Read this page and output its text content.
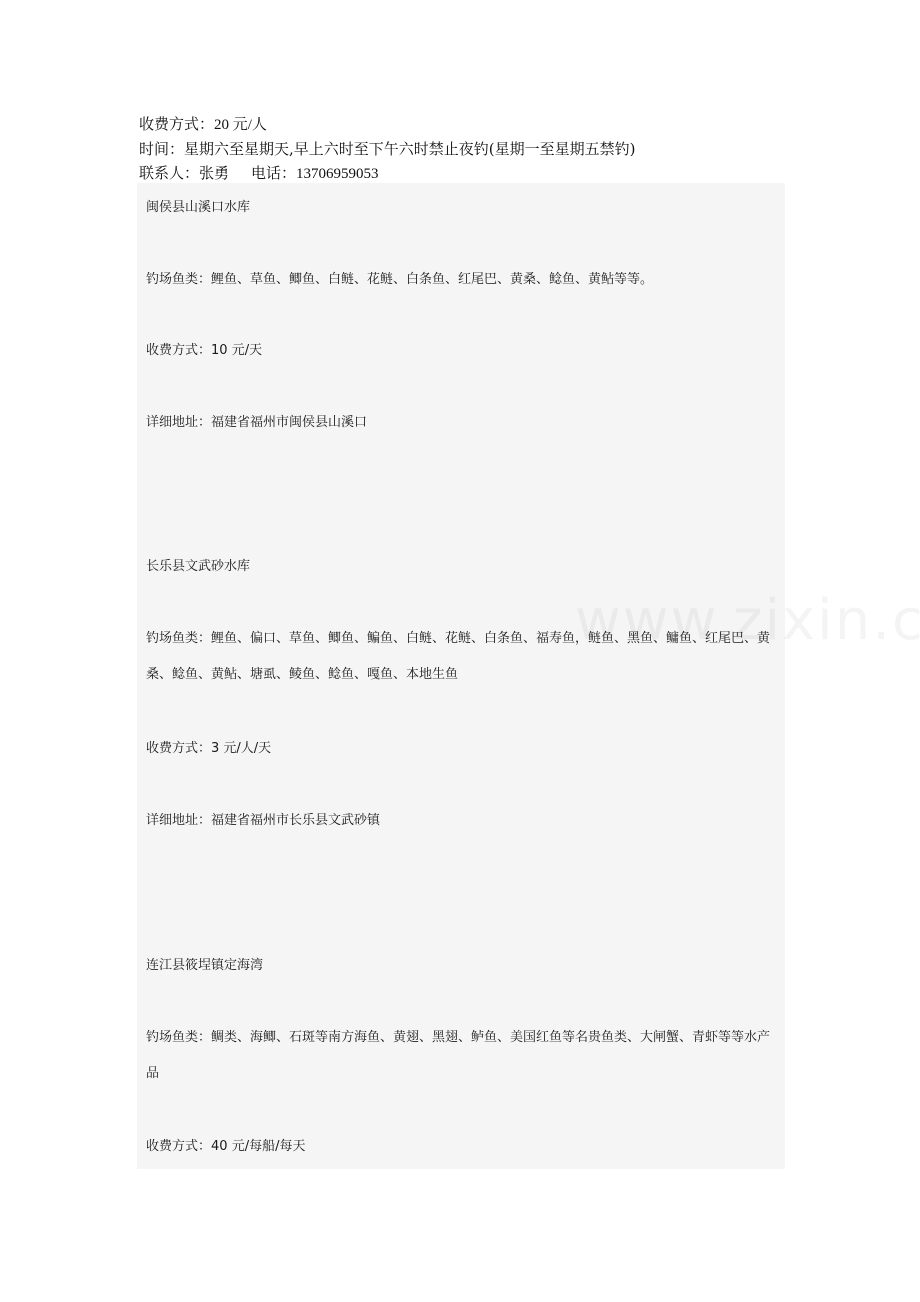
收费方式：20 元/人
时间：星期六至星期天,早上六时至下午六时禁止夜钓(星期一至星期五禁钓)
联系人：张勇 电话：13706959053
闽侯县山溪口水库
钓场鱼类：鲤鱼、草鱼、鲫鱼、白鲢、花鲢、白条鱼、红尾巴、黄桑、鲶鱼、黄鲇等等。
收费方式：10 元/天
详细地址：福建省福州市闽侯县山溪口
长乐县文武砂水库
钓场鱼类：鲤鱼、偏口、草鱼、鲫鱼、鳊鱼、白鲢、花鲢、白条鱼、福寿鱼，鲢鱼、黑鱼、鳙鱼、红尾巴、黄桑、鲶鱼、黄鲇、塘虱、鲮鱼、鲶鱼、嘎鱼、本地生鱼
收费方式：3 元/人/天
详细地址：福建省福州市长乐县文武砂镇
连江县筱埕镇定海湾
钓场鱼类：鲷类、海鲫、石斑等南方海鱼、黄翅、黑翅、鲈鱼、美国红鱼等名贵鱼类、大闸蟹、青虾等等水产品
收费方式：40 元/每船/每天
